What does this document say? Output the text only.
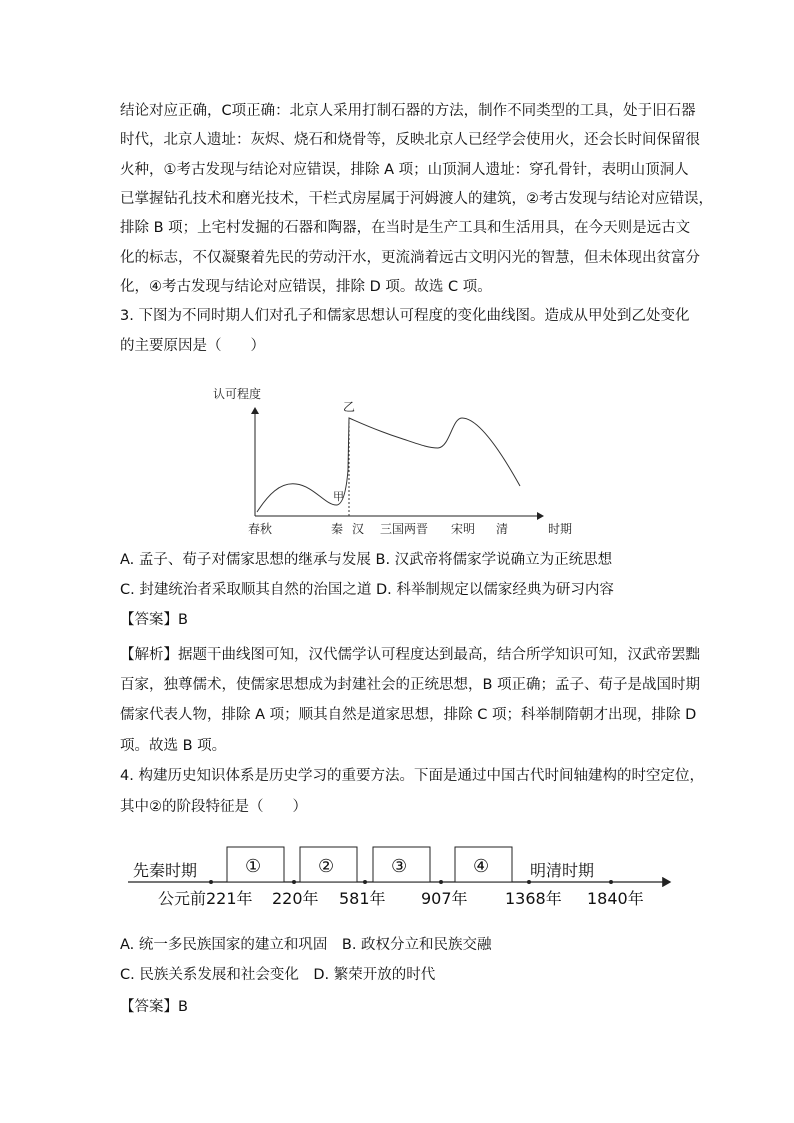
结论对应正确，C项正确：北京人采用打制石器的方法，制作不同类型的工具，处于旧石器
时代，北京人遗址：灰烬、烧石和烧骨等，反映北京人已经学会使用火，还会长时间保留很
火种，①考古发现与结论对应错误，排除 A 项；山顶洞人遗址：穿孔骨针，表明山顶洞人
已掌握钻孔技术和磨光技术，干栏式房屋属于河姆渡人的建筑，②考古发现与结论对应错误，
排除 B 项；上宅村发掘的石器和陶器，在当时是生产工具和生活用具，在今天则是远古文
化的标志，不仅凝聚着先民的劳动汗水，更流淌着远古文明闪光的智慧，但未体现出贫富分
化，④考古发现与结论对应错误，排除 D 项。故选 C 项。
3. 下图为不同时期人们对孔子和儒家思想认可程度的变化曲线图。造成从甲处到乙处变化
的主要原因是（　　）
认可程度
时期
乙
甲
春秋	秦 汉 三国两晋 宋明 清
A. 孟子、荀子对儒家思想的继承与发展 B. 汉武帝将儒家学说确立为正统思想
C. 封建统治者采取顺其自然的治国之道 D. 科举制规定以儒家经典为研习内容
【答案】B
【解析】据题干曲线图可知，汉代儒学认可程度达到最高，结合所学知识可知，汉武帝罢黜
百家，独尊儒术，使儒家思想成为封建社会的正统思想，B 项正确；孟子、荀子是战国时期
儒家代表人物，排除 A 项；顺其自然是道家思想，排除 C 项；科举制隋朝才出现，排除 D
项。故选 B 项。
4. 构建历史知识体系是历史学习的重要方法。下面是通过中国古代时间轴建构的时空定位，
其中②的阶段特征是（　　）
先秦时期	明清时期
①	②	③	④
公元前221年 220年 581年 907年 1368年 1840年
A. 统一多民族国家的建立和巩固　B. 政权分立和民族交融
C. 民族关系发展和社会变化　D. 繁荣开放的时代
【答案】B
